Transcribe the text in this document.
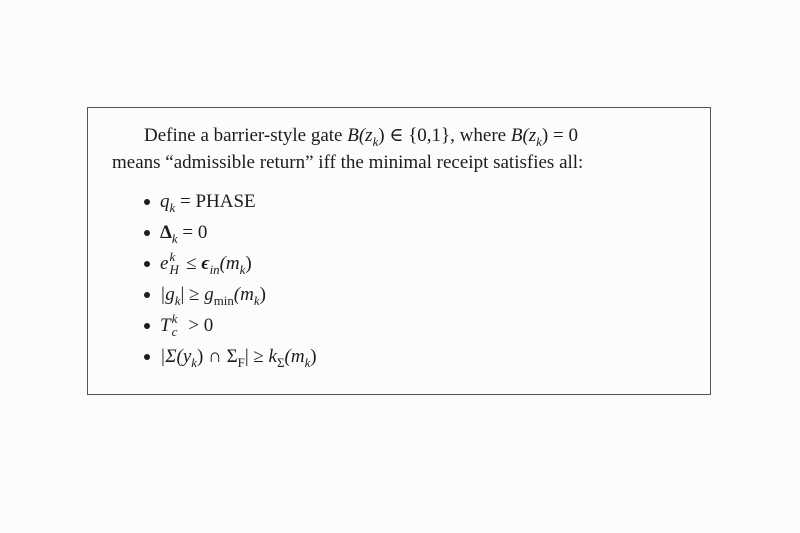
Define a barrier-style gate $B(z_k)$ ∈ {0,1}, where $B(z_k) = 0$
means “admissible return” iff the minimal receipt satisfies all:
$q_k$ = PHASE
$\Delta_k = 0$
e k
$H \le \epsilon_{in}(m_k)$
$|g_k| \ge g_{min}(m_k)$
T k
c > 0
$|\Sigma(y_k)$ ∩ $\Sigma_F| \ge k_\Sigma(m_k)$
